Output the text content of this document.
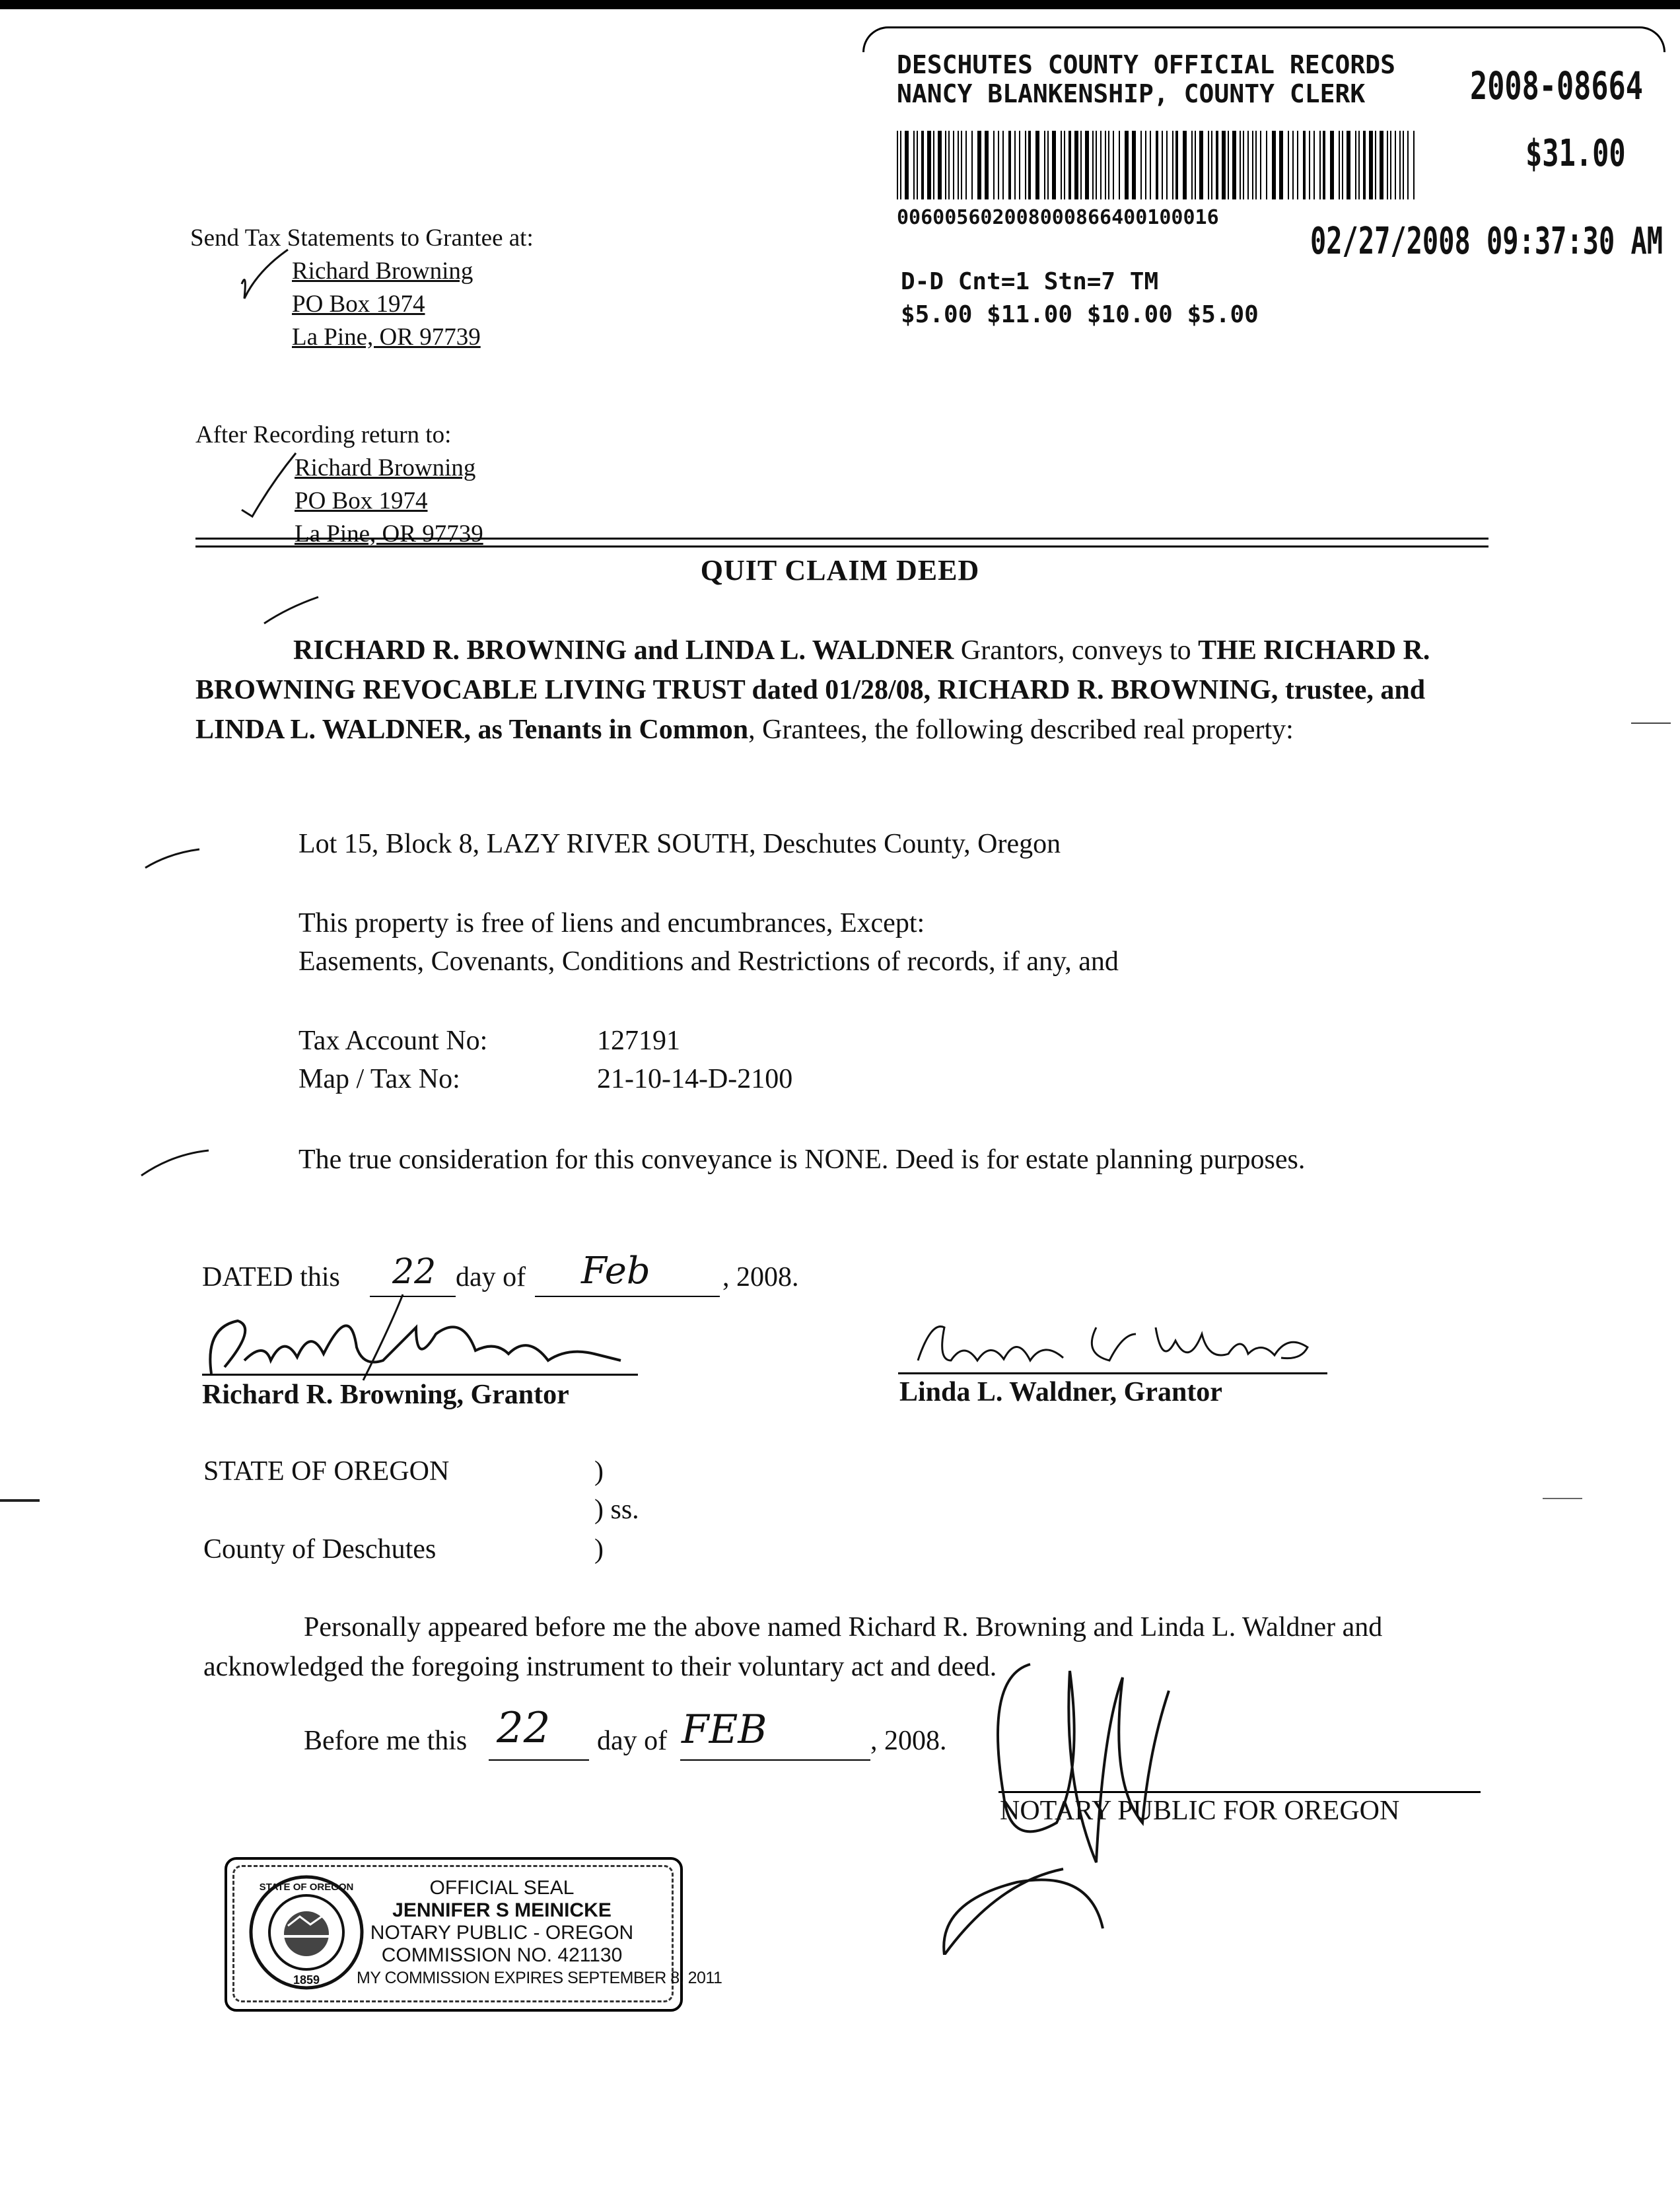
DESCHUTES COUNTY OFFICIAL RECORDS
NANCY BLANKENSHIP, COUNTY CLERK	2008-08664
$31.00
006005602008000866400100016
02/27/2008 09:37:30 AM
D-D Cnt=1 Stn=7 TM
$5.00 $11.00 $10.00 $5.00
Send Tax Statements to Grantee at:
Richard Browning
PO Box 1974
La Pine, OR 97739
After Recording return to:
Richard Browning
PO Box 1974
La Pine, OR 97739
QUIT CLAIM DEED
RICHARD R. BROWNING and LINDA L. WALDNER Grantors, conveys to THE RICHARD R. BROWNING REVOCABLE LIVING TRUST dated 01/28/08, RICHARD R. BROWNING, trustee, and LINDA L. WALDNER, as Tenants in Common, Grantees, the following described real property:
Lot 15, Block 8, LAZY RIVER SOUTH, Deschutes County, Oregon
This property is free of liens and encumbrances, Except:
Easements, Covenants, Conditions and Restrictions of records, if any, and
Tax Account No:	127191
Map / Tax No:	21-10-14-D-2100
The true consideration for this conveyance is NONE. Deed is for estate planning purposes.
DATED this 22 day of Feb	, 2008.
Richard R. Browning, Grantor	Linda L. Waldner, Grantor
STATE OF OREGON	)
) ss.
County of Deschutes	)
Personally appeared before me the above named Richard R. Browning and Linda L. Waldner and acknowledged the foregoing instrument to their voluntary act and deed.
Before me this 22 day of FEB	, 2008.
NOTARY PUBLIC FOR OREGON
STATE OF OREGON
1859
OFFICIAL SEAL
JENNIFER S MEINICKE
NOTARY PUBLIC - OREGON
COMMISSION NO. 421130
MY COMMISSION EXPIRES SEPTEMBER 8, 2011
